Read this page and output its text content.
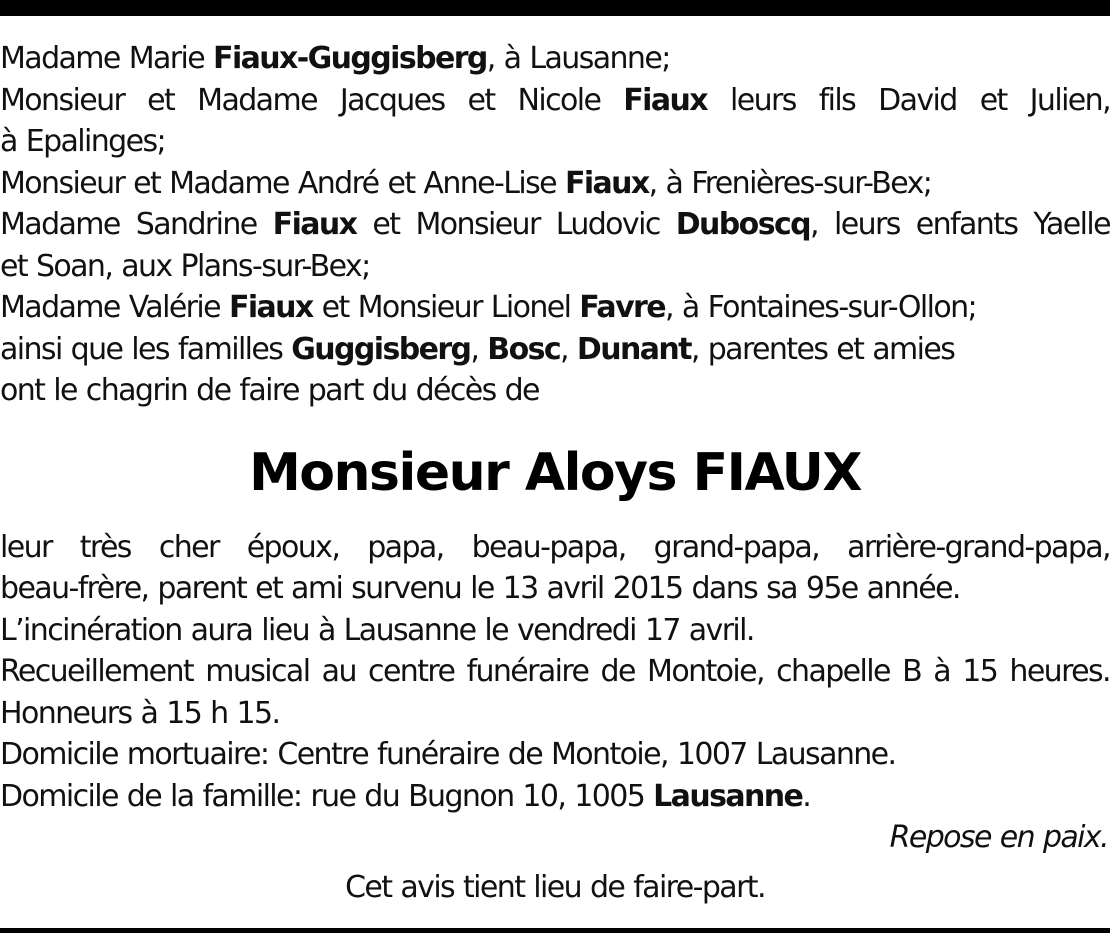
Madame Marie Fiaux-Guggisberg, à Lausanne;
Monsieur et Madame Jacques et Nicole Fiaux leurs fils David et Julien,
à Epalinges;
Monsieur et Madame André et Anne-Lise Fiaux, à Frenières-sur-Bex;
Madame Sandrine Fiaux et Monsieur Ludovic Duboscq, leurs enfants Yaelle
et Soan, aux Plans-sur-Bex;
Madame Valérie Fiaux et Monsieur Lionel Favre, à Fontaines-sur-Ollon;
ainsi que les familles Guggisberg, Bosc, Dunant, parentes et amies
ont le chagrin de faire part du décès de
Monsieur Aloys FIAUX
leur très cher époux, papa, beau-papa, grand-papa, arrière-grand-papa,
beau-frère, parent et ami survenu le 13 avril 2015 dans sa 95e année.
L’incinération aura lieu à Lausanne le vendredi 17 avril.
Recueillement musical au centre funéraire de Montoie, chapelle B à 15 heures.
Honneurs à 15 h 15.
Domicile mortuaire: Centre funéraire de Montoie, 1007 Lausanne.
Domicile de la famille: rue du Bugnon 10, 1005 Lausanne.
Repose en paix.
Cet avis tient lieu de faire-part.
